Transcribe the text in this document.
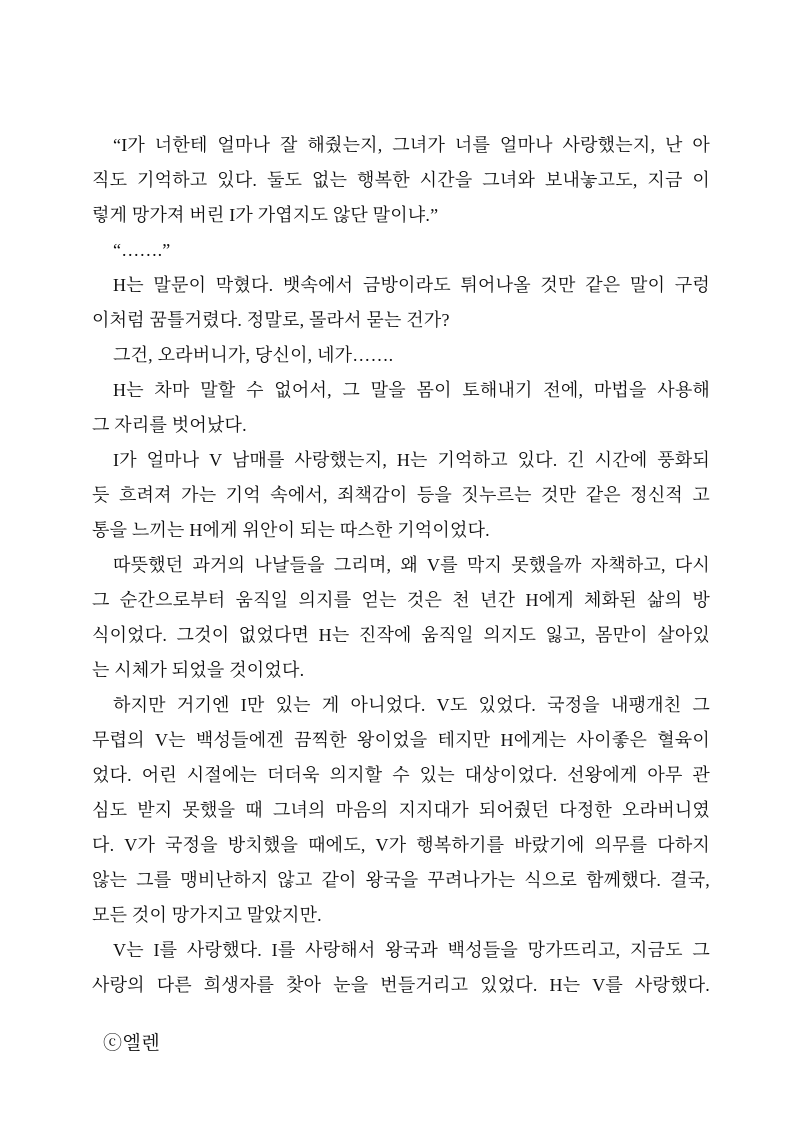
“I가 너한테 얼마나 잘 해줬는지, 그녀가 너를 얼마나 사랑했는지, 난 아
직도 기억하고 있다. 둘도 없는 행복한 시간을 그녀와 보내놓고도, 지금 이
렇게 망가져 버린 I가 가엽지도 않단 말이냐.”
“…….”
H는 말문이 막혔다. 뱃속에서 금방이라도 튀어나올 것만 같은 말이 구렁
이처럼 꿈틀거렸다. 정말로, 몰라서 묻는 건가?
그건, 오라버니가, 당신이, 네가…….
H는 차마 말할 수 없어서, 그 말을 몸이 토해내기 전에, 마법을 사용해
그 자리를 벗어났다.
I가 얼마나 V 남매를 사랑했는지, H는 기억하고 있다. 긴 시간에 풍화되
듯 흐려져 가는 기억 속에서, 죄책감이 등을 짓누르는 것만 같은 정신적 고
통을 느끼는 H에게 위안이 되는 따스한 기억이었다.
따뜻했던 과거의 나날들을 그리며, 왜 V를 막지 못했을까 자책하고, 다시
그 순간으로부터 움직일 의지를 얻는 것은 천 년간 H에게 체화된 삶의 방
식이었다. 그것이 없었다면 H는 진작에 움직일 의지도 잃고, 몸만이 살아있
는 시체가 되었을 것이었다.
하지만 거기엔 I만 있는 게 아니었다. V도 있었다. 국정을 내팽개친 그
무렵의 V는 백성들에겐 끔찍한 왕이었을 테지만 H에게는 사이좋은 혈육이
었다. 어린 시절에는 더더욱 의지할 수 있는 대상이었다. 선왕에게 아무 관
심도 받지 못했을 때 그녀의 마음의 지지대가 되어줬던 다정한 오라버니였
다. V가 국정을 방치했을 때에도, V가 행복하기를 바랐기에 의무를 다하지
않는 그를 맹비난하지 않고 같이 왕국을 꾸려나가는 식으로 함께했다. 결국,
모든 것이 망가지고 말았지만.
V는 I를 사랑했다. I를 사랑해서 왕국과 백성들을 망가뜨리고, 지금도 그
사랑의 다른 희생자를 찾아 눈을 번들거리고 있었다. H는 V를 사랑했다.
ⓒ엘렌
